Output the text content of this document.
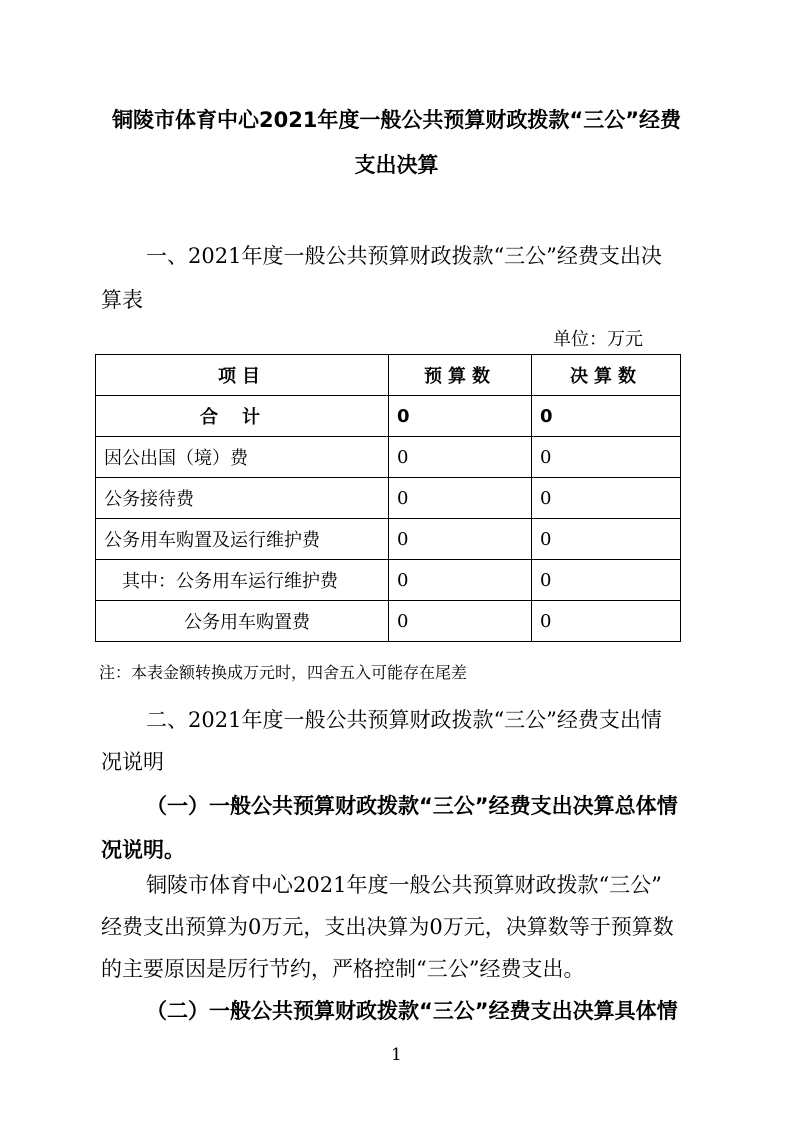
铜陵市体育中心2021年度一般公共预算财政拨款“三公”经费
支出决算
一、2021年度一般公共预算财政拨款“三公”经费支出决
算表
单位：万元
项目	预算数	决算数
合计	0	0
因公出国（境）费	0	0
公务接待费	0	0
公务用车购置及运行维护费	0	0
其中：公务用车运行维护费	0	0
公务用车购置费	0	0
注：本表金额转换成万元时，四舍五入可能存在尾差
二、2021年度一般公共预算财政拨款“三公”经费支出情
况说明
（一）一般公共预算财政拨款“三公”经费支出决算总体情
况说明。
铜陵市体育中心2021年度一般公共预算财政拨款“三公”
经费支出预算为0万元，支出决算为0万元，决算数等于预算数
的主要原因是厉行节约，严格控制“三公”经费支出。
（二）一般公共预算财政拨款“三公”经费支出决算具体情
1
